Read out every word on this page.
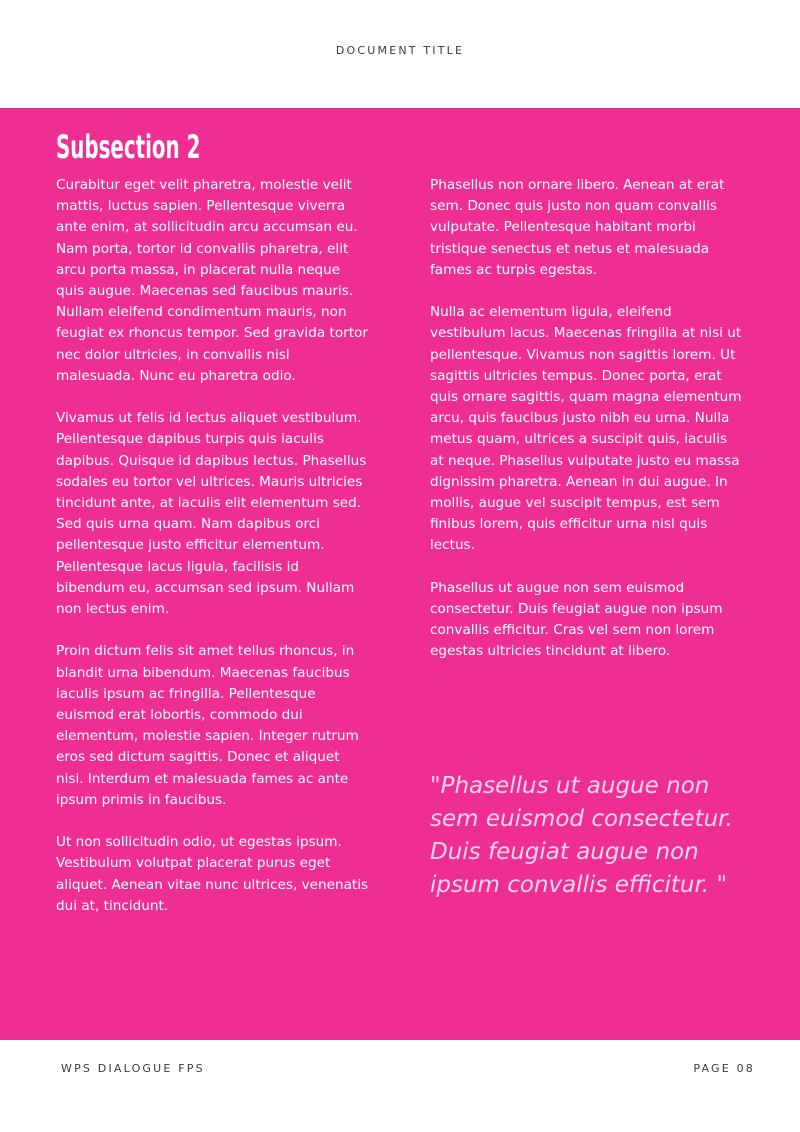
DOCUMENT TITLE
Subsection 2

Curabitur eget velit pharetra, molestie velit mattis, luctus sapien. Pellentesque viverra ante enim, at sollicitudin arcu accumsan eu. Nam porta, tortor id convallis pharetra, elit arcu porta massa, in placerat nulla neque quis augue. Maecenas sed faucibus mauris. Nullam eleifend condimentum mauris, non feugiat ex rhoncus tempor. Sed gravida tortor nec dolor ultricies, in convallis nisl malesuada. Nunc eu pharetra odio.

Vivamus ut felis id lectus aliquet vestibulum. Pellentesque dapibus turpis quis iaculis dapibus. Quisque id dapibus lectus. Phasellus sodales eu tortor vel ultrices. Mauris ultricies tincidunt ante, at iaculis elit elementum sed. Sed quis urna quam. Nam dapibus orci pellentesque justo efficitur elementum. Pellentesque lacus ligula, facilisis id bibendum eu, accumsan sed ipsum. Nullam non lectus enim.

Proin dictum felis sit amet tellus rhoncus, in blandit urna bibendum. Maecenas faucibus iaculis ipsum ac fringilla. Pellentesque euismod erat lobortis, commodo dui elementum, molestie sapien. Integer rutrum eros sed dictum sagittis. Donec et aliquet nisi. Interdum et malesuada fames ac ante ipsum primis in faucibus.

Ut non sollicitudin odio, ut egestas ipsum. Vestibulum volutpat placerat purus eget aliquet. Aenean vitae nunc ultrices, venenatis dui at, tincidunt.

Phasellus non ornare libero. Aenean at erat sem. Donec quis justo non quam convallis vulputate. Pellentesque habitant morbi tristique senectus et netus et malesuada fames ac turpis egestas.

Nulla ac elementum ligula, eleifend vestibulum lacus. Maecenas fringilla at nisi ut pellentesque. Vivamus non sagittis lorem. Ut sagittis ultricies tempus. Donec porta, erat quis ornare sagittis, quam magna elementum arcu, quis faucibus justo nibh eu urna. Nulla metus quam, ultrices a suscipit quis, iaculis at neque. Phasellus vulputate justo eu massa dignissim pharetra. Aenean in dui augue. In mollis, augue vel suscipit tempus, est sem finibus lorem, quis efficitur urna nisl quis lectus.

Phasellus ut augue non sem euismod consectetur. Duis feugiat augue non ipsum convallis efficitur. Cras vel sem non lorem egestas ultricies tincidunt at libero.

"Phasellus ut augue non sem euismod consectetur. Duis feugiat augue non ipsum convallis efficitur. "

WPS DIALOGUE FPS	PAGE 08
